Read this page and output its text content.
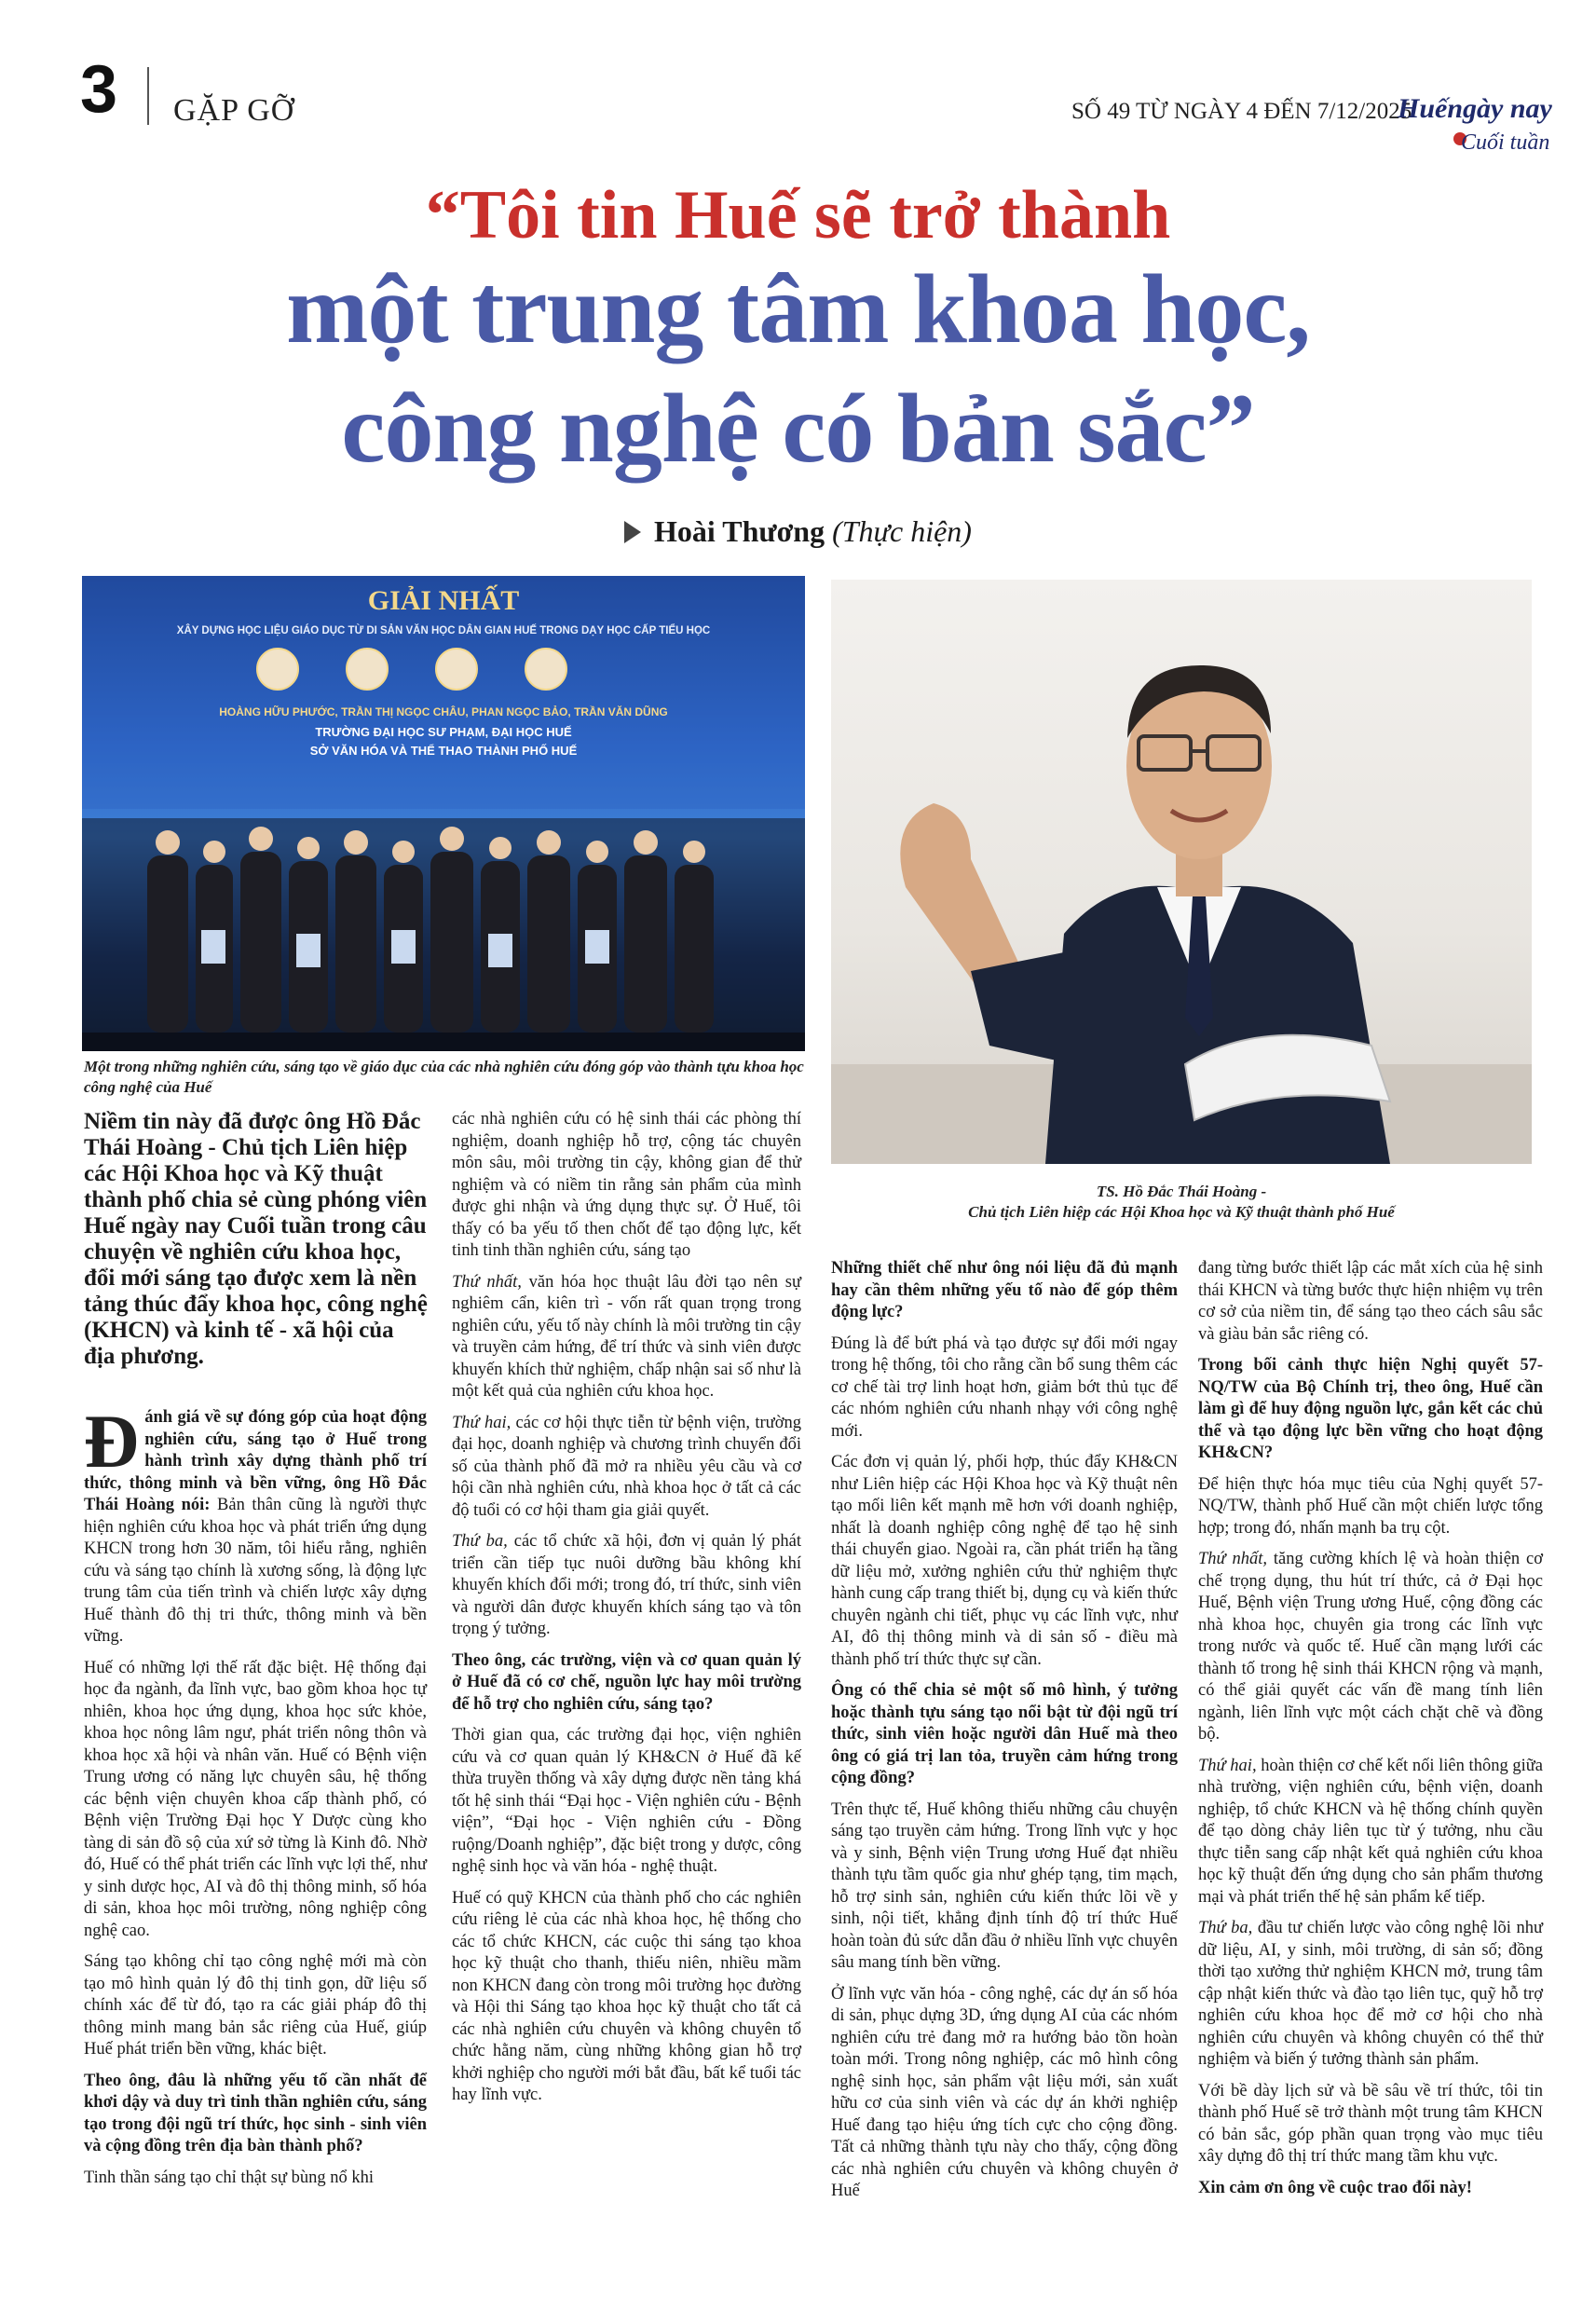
3 GẶP GỠ	SỐ 49 TỪ NGÀY 4 ĐẾN 7/12/2025
Huếngày nay
Cuối tuần
“Tôi tin Huế sẽ trở thành
một trung tâm khoa học,
công nghệ có bản sắc”
Hoài Thương (Thực hiện)
GIẢI NHẤT
XÂY DỰNG HỌC LIỆU GIÁO DỤC TỪ DI SẢN VĂN HỌC DÂN GIAN HUẾ TRONG DẠY HỌC CẤP TIỂU HỌC
HOÀNG HỮU PHƯỚC, TRẦN THỊ NGỌC CHÂU, PHAN NGỌC BẢO, TRẦN VĂN DŨNG
TRƯỜNG ĐẠI HỌC SƯ PHẠM, ĐẠI HỌC HUẾ
SỞ VĂN HÓA VÀ THỂ THAO THÀNH PHỐ HUẾ
Một trong những nghiên cứu, sáng tạo về giáo dục của các nhà nghiên cứu đóng góp vào thành tựu khoa học công nghệ của Huế
TS. Hồ Đắc Thái Hoàng -
Chủ tịch Liên hiệp các Hội Khoa học và Kỹ thuật thành phố Huế
Niềm tin này đã được ông Hồ Đắc Thái Hoàng - Chủ tịch Liên hiệp các Hội Khoa học và Kỹ thuật thành phố chia sẻ cùng phóng viên Huế ngày nay Cuối tuần trong câu chuyện về nghiên cứu khoa học, đổi mới sáng tạo được xem là nền tảng thúc đẩy khoa học, công nghệ (KHCN) và kinh tế - xã hội của địa phương.

Đánh giá về sự đóng góp của hoạt động nghiên cứu, sáng tạo ở Huế trong hành trình xây dựng thành phố trí thức, thông minh và bền vững, ông Hồ Đắc Thái Hoàng nói: Bản thân cũng là người thực hiện nghiên cứu khoa học và phát triển ứng dụng KHCN trong hơn 30 năm, tôi hiểu rằng, nghiên cứu và sáng tạo chính là xương sống, là động lực trung tâm của tiến trình và chiến lược xây dựng Huế thành đô thị tri thức, thông minh và bền vững.

Huế có những lợi thế rất đặc biệt. Hệ thống đại học đa ngành, đa lĩnh vực, bao gồm khoa học tự nhiên, khoa học ứng dụng, khoa học sức khỏe, khoa học nông lâm ngư, phát triển nông thôn và khoa học xã hội và nhân văn. Huế có Bệnh viện Trung ương có năng lực chuyên sâu, hệ thống các bệnh viện chuyên khoa cấp thành phố, có Bệnh viện Trường Đại học Y Dược cùng kho tàng di sản đồ sộ của xứ sở từng là Kinh đô. Nhờ đó, Huế có thể phát triển các lĩnh vực lợi thế, như y sinh dược học, AI và đô thị thông minh, số hóa di sản, khoa học môi trường, nông nghiệp công nghệ cao.

Sáng tạo không chỉ tạo công nghệ mới mà còn tạo mô hình quản lý đô thị tinh gọn, dữ liệu số chính xác để từ đó, tạo ra các giải pháp đô thị thông minh mang bản sắc riêng của Huế, giúp Huế phát triển bền vững, khác biệt.

Theo ông, đâu là những yếu tố cần nhất để khơi dậy và duy trì tinh thần nghiên cứu, sáng tạo trong đội ngũ trí thức, học sinh - sinh viên và cộng đồng trên địa bàn thành phố?

Tinh thần sáng tạo chỉ thật sự bùng nổ khi

các nhà nghiên cứu có hệ sinh thái các phòng thí nghiệm, doanh nghiệp hỗ trợ, cộng tác chuyên môn sâu, môi trường tin cậy, không gian để thử nghiệm và có niềm tin rằng sản phẩm của mình được ghi nhận và ứng dụng thực sự. Ở Huế, tôi thấy có ba yếu tố then chốt để tạo động lực, kết tinh tinh thần nghiên cứu, sáng tạo

Thứ nhất, văn hóa học thuật lâu đời tạo nên sự nghiêm cẩn, kiên trì - vốn rất quan trọng trong nghiên cứu, yếu tố này chính là môi trường tin cậy và truyền cảm hứng, để trí thức và sinh viên được khuyến khích thử nghiệm, chấp nhận sai số như là một kết quả của nghiên cứu khoa học.

Thứ hai, các cơ hội thực tiễn từ bệnh viện, trường đại học, doanh nghiệp và chương trình chuyển đổi số của thành phố đã mở ra nhiều yêu cầu và cơ hội cần nhà nghiên cứu, nhà khoa học ở tất cả các độ tuổi có cơ hội tham gia giải quyết.

Thứ ba, các tổ chức xã hội, đơn vị quản lý phát triển cần tiếp tục nuôi dưỡng bầu không khí khuyến khích đổi mới; trong đó, trí thức, sinh viên và người dân được khuyến khích sáng tạo và tôn trọng ý tưởng.

Theo ông, các trường, viện và cơ quan quản lý ở Huế đã có cơ chế, nguồn lực hay môi trường để hỗ trợ cho nghiên cứu, sáng tạo?

Thời gian qua, các trường đại học, viện nghiên cứu và cơ quan quản lý KH&CN ở Huế đã kế thừa truyền thống và xây dựng được nền tảng khá tốt hệ sinh thái “Đại học - Viện nghiên cứu - Bệnh viện”, “Đại học - Viện nghiên cứu - Đồng ruộng/Doanh nghiệp”, đặc biệt trong y dược, công nghệ sinh học và văn hóa - nghệ thuật.

Huế có quỹ KHCN của thành phố cho các nghiên cứu riêng lẻ của các nhà khoa học, hệ thống cho các tổ chức KHCN, các cuộc thi sáng tạo khoa học kỹ thuật cho thanh, thiếu niên, nhiều mầm non KHCN đang còn trong môi trường học đường và Hội thi Sáng tạo khoa học kỹ thuật cho tất cả các nhà nghiên cứu chuyên và không chuyên tổ chức hằng năm, cùng những không gian hỗ trợ khởi nghiệp cho người mới bắt đầu, bất kể tuổi tác hay lĩnh vực.

Những thiết chế như ông nói liệu đã đủ mạnh hay cần thêm những yếu tố nào để góp thêm động lực?

Đúng là để bứt phá và tạo được sự đổi mới ngay trong hệ thống, tôi cho rằng cần bổ sung thêm các cơ chế tài trợ linh hoạt hơn, giảm bớt thủ tục để các nhóm nghiên cứu nhanh nhạy với công nghệ mới.

Các đơn vị quản lý, phối hợp, thúc đẩy KH&CN như Liên hiệp các Hội Khoa học và Kỹ thuật nên tạo mối liên kết mạnh mẽ hơn với doanh nghiệp, nhất là doanh nghiệp công nghệ để tạo hệ sinh thái chuyển giao. Ngoài ra, cần phát triển hạ tầng dữ liệu mở, xưởng nghiên cứu thử nghiệm thực hành cung cấp trang thiết bị, dụng cụ và kiến thức chuyên ngành chi tiết, phục vụ các lĩnh vực, như AI, đô thị thông minh và di sản số - điều mà thành phố trí thức thực sự cần.

Ông có thể chia sẻ một số mô hình, ý tưởng hoặc thành tựu sáng tạo nổi bật từ đội ngũ trí thức, sinh viên hoặc người dân Huế mà theo ông có giá trị lan tỏa, truyền cảm hứng trong cộng đồng?

Trên thực tế, Huế không thiếu những câu chuyện sáng tạo truyền cảm hứng. Trong lĩnh vực y học và y sinh, Bệnh viện Trung ương Huế đạt nhiều thành tựu tầm quốc gia như ghép tạng, tim mạch, hỗ trợ sinh sản, nghiên cứu kiến thức lõi về y sinh, nội tiết, khẳng định tính độ trí thức Huế hoàn toàn đủ sức dẫn đầu ở nhiều lĩnh vực chuyên sâu mang tính bền vững.

Ở lĩnh vực văn hóa - công nghệ, các dự án số hóa di sản, phục dựng 3D, ứng dụng AI của các nhóm nghiên cứu trẻ đang mở ra hướng bảo tồn hoàn toàn mới. Trong nông nghiệp, các mô hình công nghệ sinh học, sản phẩm vật liệu mới, sản xuất hữu cơ của sinh viên và các dự án khởi nghiệp Huế đang tạo hiệu ứng tích cực cho cộng đồng. Tất cả những thành tựu này cho thấy, cộng đồng các nhà nghiên cứu chuyên và không chuyên ở Huế

đang từng bước thiết lập các mắt xích của hệ sinh thái KHCN và từng bước thực hiện nhiệm vụ trên cơ sở của niềm tin, để sáng tạo theo cách sâu sắc và giàu bản sắc riêng có.

Trong bối cảnh thực hiện Nghị quyết 57-NQ/TW của Bộ Chính trị, theo ông, Huế cần làm gì để huy động nguồn lực, gắn kết các chủ thể và tạo động lực bền vững cho hoạt động KH&CN?

Để hiện thực hóa mục tiêu của Nghị quyết 57-NQ/TW, thành phố Huế cần một chiến lược tổng hợp; trong đó, nhấn mạnh ba trụ cột.

Thứ nhất, tăng cường khích lệ và hoàn thiện cơ chế trọng dụng, thu hút trí thức, cả ở Đại học Huế, Bệnh viện Trung ương Huế, cộng đồng các nhà khoa học, chuyên gia trong các lĩnh vực trong nước và quốc tế. Huế cần mạng lưới các thành tố trong hệ sinh thái KHCN rộng và mạnh, có thể giải quyết các vấn đề mang tính liên ngành, liên lĩnh vực một cách chặt chẽ và đồng bộ.

Thứ hai, hoàn thiện cơ chế kết nối liên thông giữa nhà trường, viện nghiên cứu, bệnh viện, doanh nghiệp, tổ chức KHCN và hệ thống chính quyền để tạo dòng chảy liên tục từ ý tưởng, nhu cầu thực tiễn sang cấp nhật kết quả nghiên cứu khoa học kỹ thuật đến ứng dụng cho sản phẩm thương mại và phát triển thế hệ sản phẩm kế tiếp.

Thứ ba, đầu tư chiến lược vào công nghệ lõi như dữ liệu, AI, y sinh, môi trường, di sản số; đồng thời tạo xưởng thử nghiệm KHCN mở, trung tâm cập nhật kiến thức và đào tạo liên tục, quỹ hỗ trợ nghiên cứu khoa học để mở cơ hội cho nhà nghiên cứu chuyên và không chuyên có thể thử nghiệm và biến ý tưởng thành sản phẩm.

Với bề dày lịch sử và bề sâu về trí thức, tôi tin thành phố Huế sẽ trở thành một trung tâm KHCN có bản sắc, góp phần quan trọng vào mục tiêu xây dựng đô thị trí thức mang tầm khu vực.

Xin cảm ơn ông về cuộc trao đổi này!
